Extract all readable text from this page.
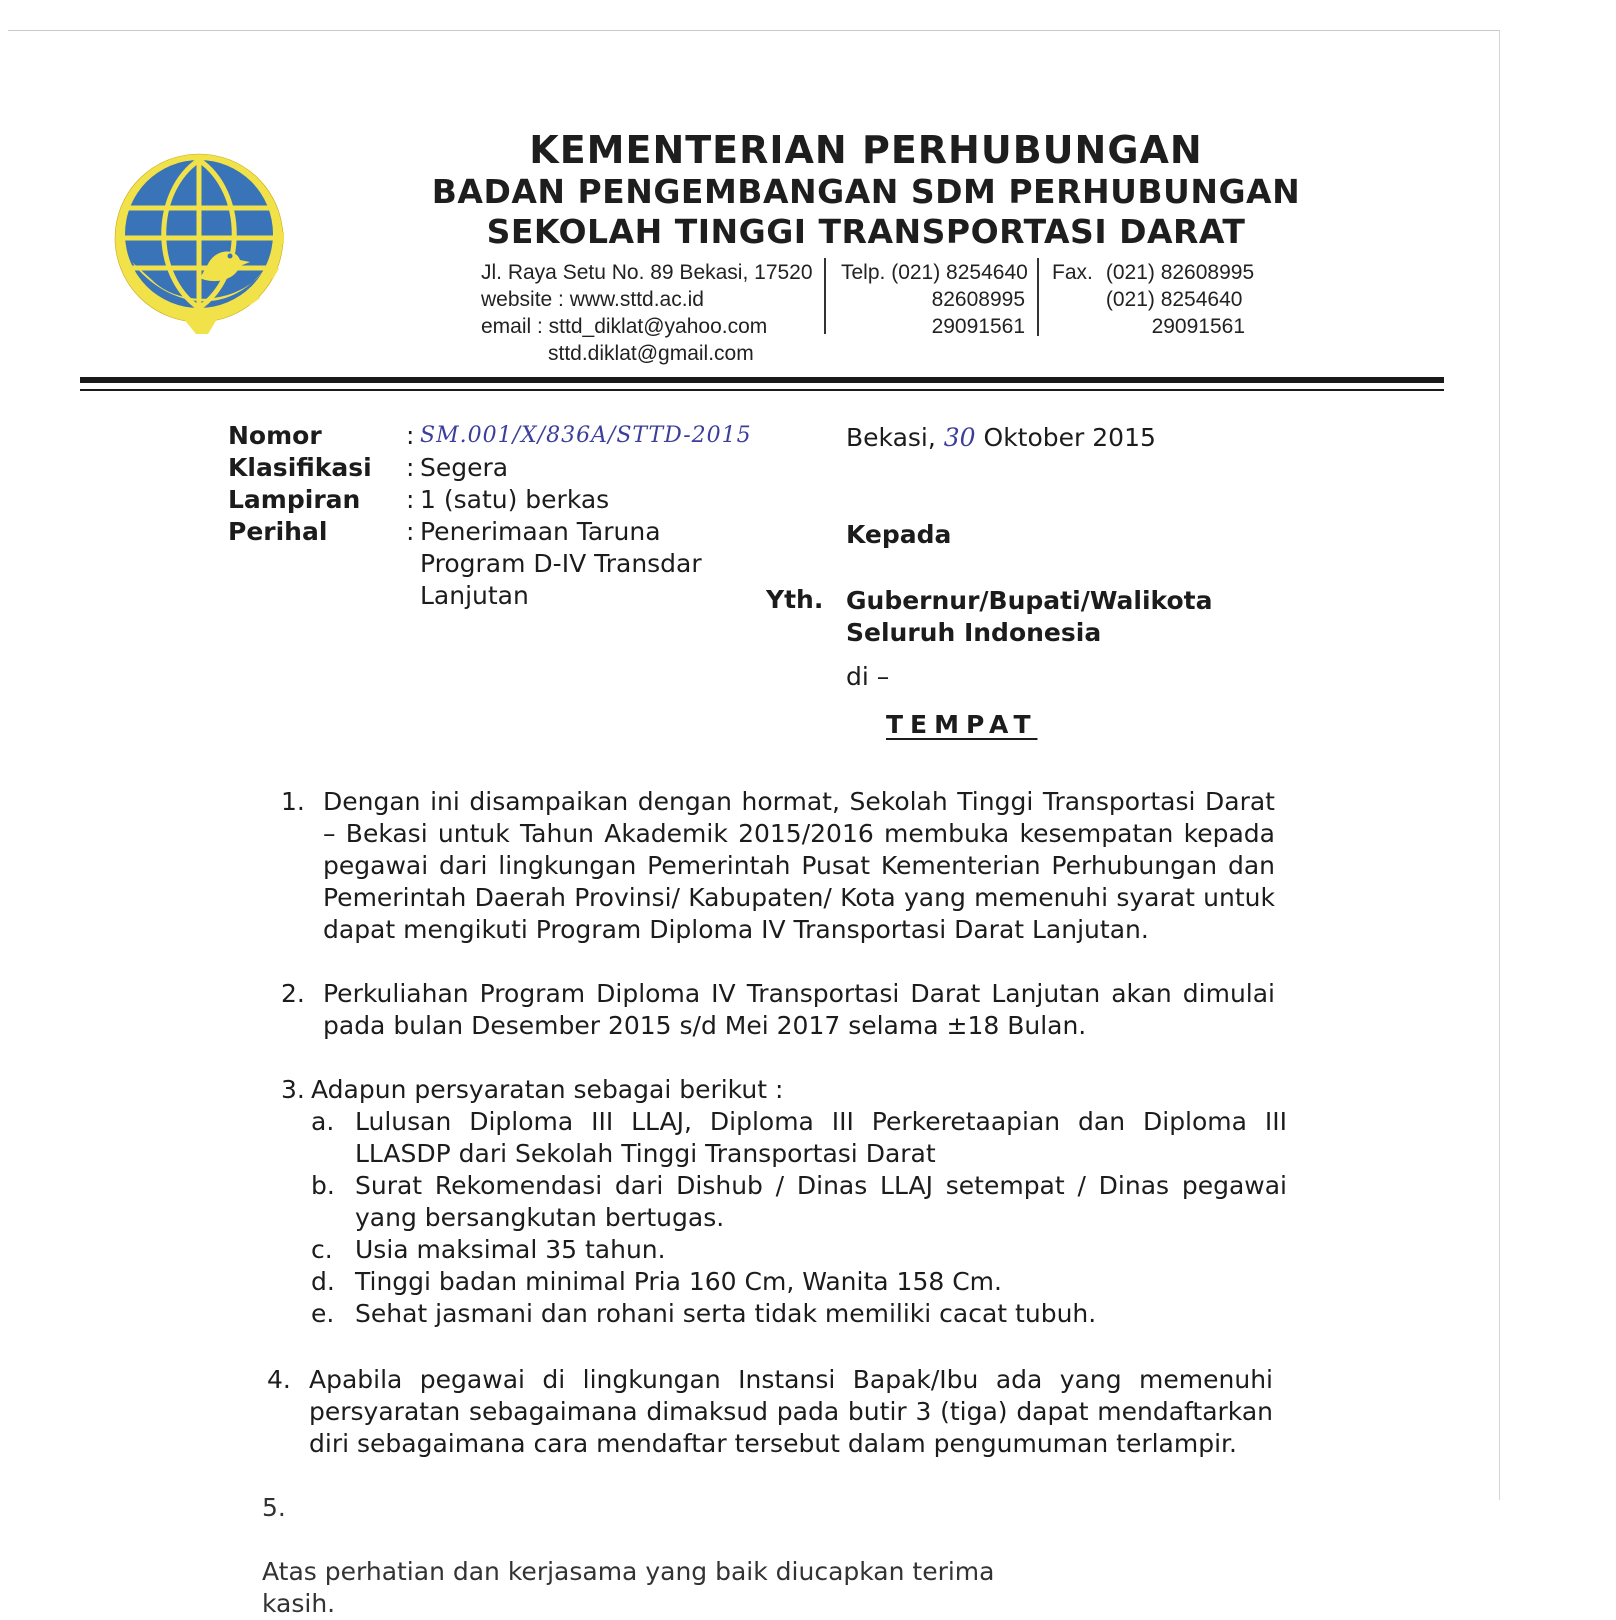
KEMENTERIAN PERHUBUNGAN
BADAN PENGEMBANGAN SDM PERHUBUNGAN
SEKOLAH TINGGI TRANSPORTASI DARAT
Jl. Raya Setu No. 89 Bekasi, 17520
website : www.sttd.ac.id
email : sttd_diklat@yahoo.com
sttd.diklat@gmail.com
Telp. (021) 8254640
82608995
29091561
Fax. (021) 82608995
(021) 8254640
29091561
Nomor	: SM.001/X/836A/STTD-2015
Klasifikasi	: Segera
Lampiran	: 1 (satu) berkas
Perihal	: Penerimaan Taruna
Program D-IV Transdar
Lanjutan
Bekasi, 30 Oktober 2015
Kepada
Yth. Gubernur/Bupati/Walikota
Seluruh Indonesia
di –
TEMPAT
1. Dengan ini disampaikan dengan hormat, Sekolah Tinggi Transportasi Darat – Bekasi untuk Tahun Akademik 2015/2016 membuka kesempatan kepada pegawai dari lingkungan Pemerintah Pusat Kementerian Perhubungan dan Pemerintah Daerah Provinsi/ Kabupaten/ Kota yang memenuhi syarat untuk dapat mengikuti Program Diploma IV Transportasi Darat Lanjutan.
2. Perkuliahan Program Diploma IV Transportasi Darat Lanjutan akan dimulai pada bulan Desember 2015 s/d Mei 2017 selama ±18 Bulan.
3. Adapun persyaratan sebagai berikut :
a. Lulusan Diploma III LLAJ, Diploma III Perkeretaapian dan Diploma III LLASDP dari Sekolah Tinggi Transportasi Darat
b. Surat Rekomendasi dari Dishub / Dinas LLAJ setempat / Dinas pegawai yang bersangkutan bertugas.
c. Usia maksimal 35 tahun.
d. Tinggi badan minimal Pria 160 Cm, Wanita 158 Cm.
e. Sehat jasmani dan rohani serta tidak memiliki cacat tubuh.
4. Apabila pegawai di lingkungan Instansi Bapak/Ibu ada yang memenuhi persyaratan sebagaimana dimaksud pada butir 3 (tiga) dapat mendaftarkan diri sebagaimana cara mendaftar tersebut dalam pengumuman terlampir.
5.

Atas perhatian dan kerjasama yang baik diucapkan terima kasih.
